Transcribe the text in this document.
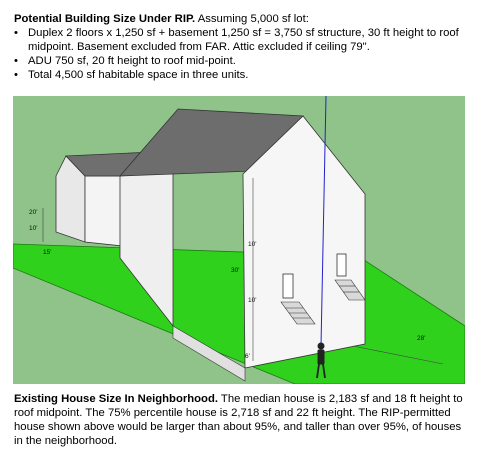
Potential Building Size Under RIP. Assuming 5,000 sf lot:
• Duplex 2 floors x 1,250 sf + basement 1,250 sf = 3,750 sf structure, 30 ft height to roof midpoint. Basement excluded from FAR. Attic excluded if ceiling 79".
• ADU 750 sf, 20 ft height to roof mid-point.
• Total 4,500 sf habitable space in three units.
20'
10'
15'
10'
30'
10'
6'
28'
Existing House Size In Neighborhood. The median house is 2,183 sf and 18 ft height to roof midpoint. The 75% percentile house is 2,718 sf and 22 ft height. The RIP-permitted house shown above would be larger than about 95%, and taller than over 95%, of houses in the neighborhood.
